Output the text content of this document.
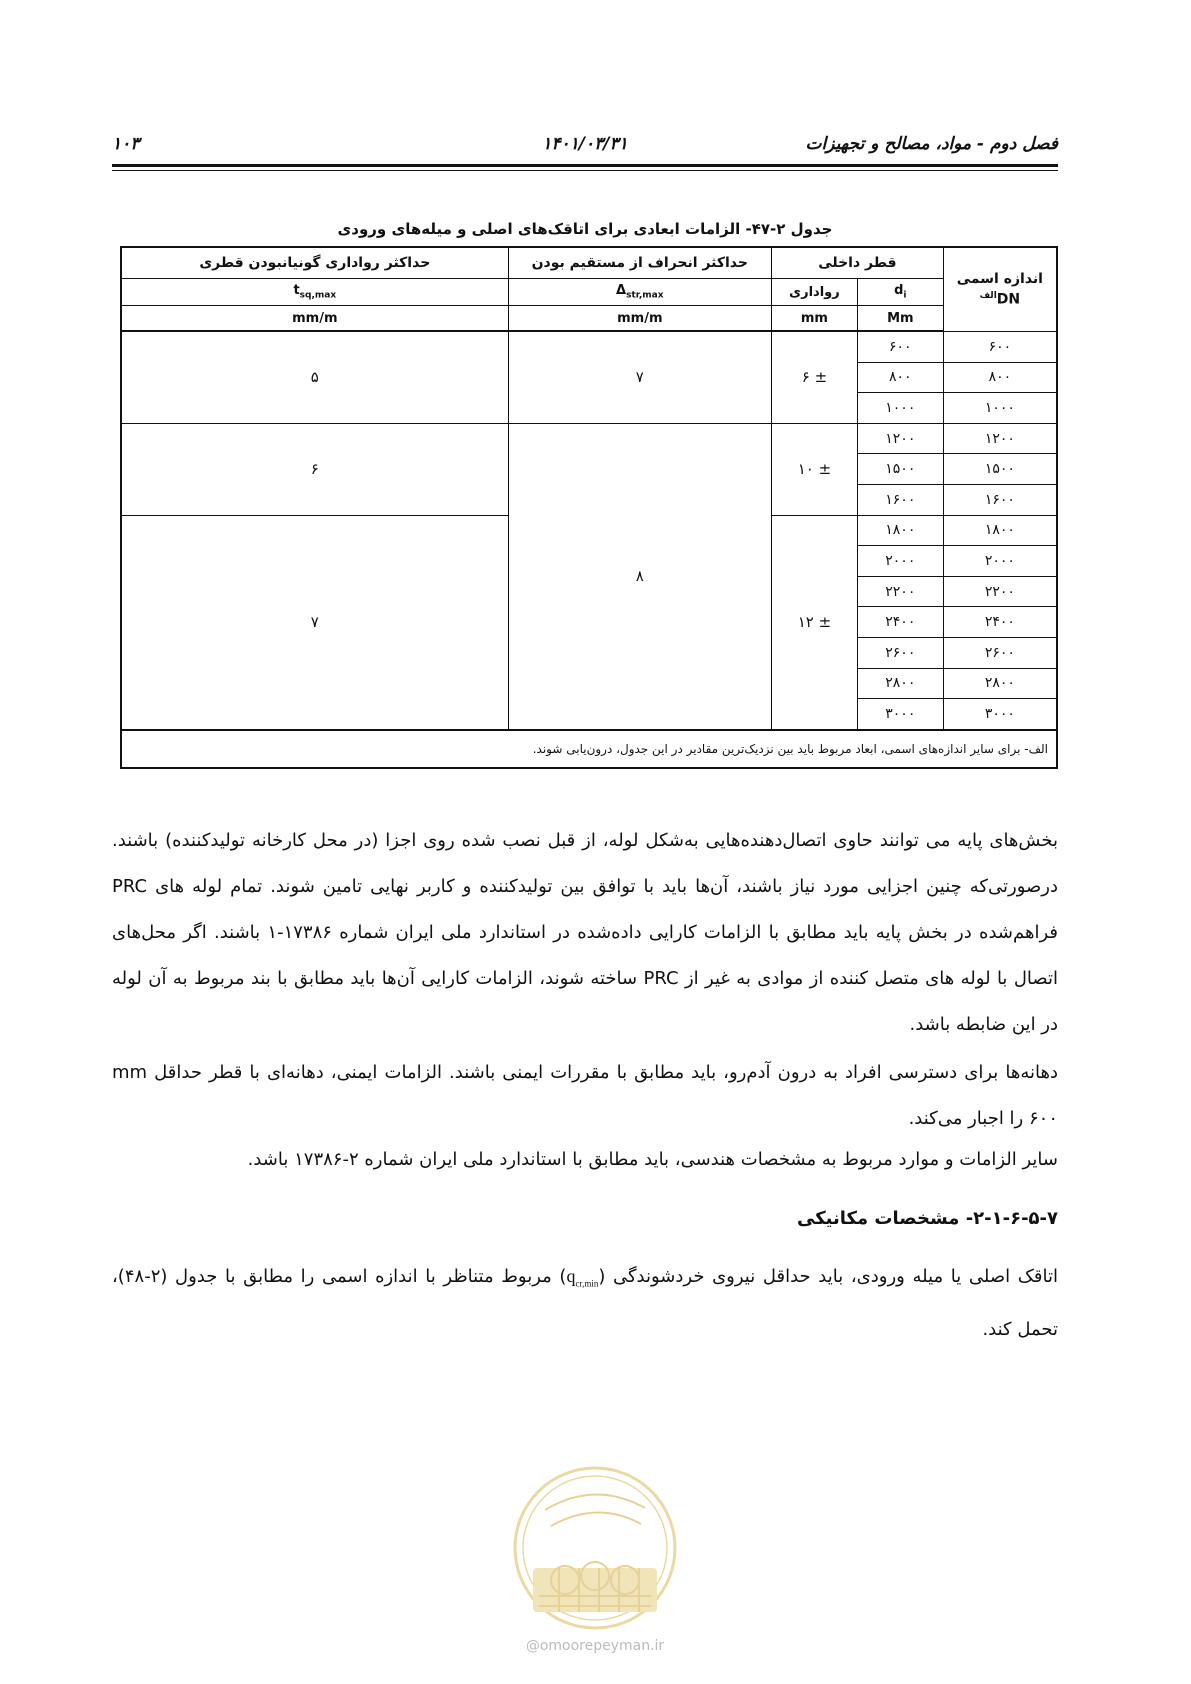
فصل دوم - مواد، مصالح و تجهیزات
۱۴۰۱/۰۳/۳۱
۱۰۳
جدول ۲-۴۷- الزامات ابعادی برای اتاقک‌های اصلی و میله‌های ورودی
اندازه اسمی
$DN^{الف}$	قطر داخلی		حداکثر انحراف از مستقیم بودن	حداکثر رواداری گونیانبودن قطری
	$d_i$	رواداری	$\Delta_{str,max}$	$t_{sq,max}$
	Mm	mm	mm/m	mm/m
۶۰۰	۶۰۰	± ۶	۷	۵
۸۰۰	۸۰۰			
۱۰۰۰	۱۰۰۰			
۱۲۰۰	۱۲۰۰	± ۱۰	۸	۶
۱۵۰۰	۱۵۰۰			
۱۶۰۰	۱۶۰۰			
۱۸۰۰	۱۸۰۰	± ۱۲		۷
۲۰۰۰	۲۰۰۰			
۲۲۰۰	۲۲۰۰			
۲۴۰۰	۲۴۰۰			
۲۶۰۰	۲۶۰۰			
۲۸۰۰	۲۸۰۰			
۳۰۰۰	۳۰۰۰			
الف- برای سایر اندازه‌های اسمی، ابعاد مربوط باید بین نزدیک‌ترین مقادیر در این جدول، درون‌یابی شوند.				
بخش‌های پایه می توانند حاوی اتصال‌دهنده‌هایی به‌شکل لوله، از قبل نصب شده روی اجزا (در محل کارخانه تولیدکننده) باشند. درصورتی‌که چنین اجزایی مورد نیاز باشند، آن‌ها باید با توافق بین تولیدکننده و کاربر نهایی تامین شوند. تمام لوله های PRC فراهم‌شده در بخش پایه باید مطابق با الزامات کارایی داده‌شده در استاندارد ملی ایران شماره ۱۷۳۸۶-۱ باشند. اگر محل‌های اتصال با لوله های متصل کننده از موادی به غیر از PRC ساخته شوند، الزامات کارایی آن‌ها باید مطابق با بند مربوط به آن لوله در این ضابطه باشد.
دهانه‌ها برای دسترسی افراد به درون آدم‌رو، باید مطابق با مقررات ایمنی باشند. الزامات ایمنی، دهانه‌ای با قطر حداقل mm ۶۰۰ را اجبار می‌کند.
سایر الزامات و موارد مربوط به مشخصات هندسی، باید مطابق با استاندارد ملی ایران شماره ۲-۱۷۳۸۶ باشد.
۲-۱-۶-۵-۷- مشخصات مکانیکی
اتاقک اصلی یا میله ورودی، باید حداقل نیروی خردشوندگی $(q_{cr,min})$ مربوط متناظر با اندازه اسمی را مطابق با جدول (۲-۴۸)، تحمل کند.
@omoorepeyman.ir
